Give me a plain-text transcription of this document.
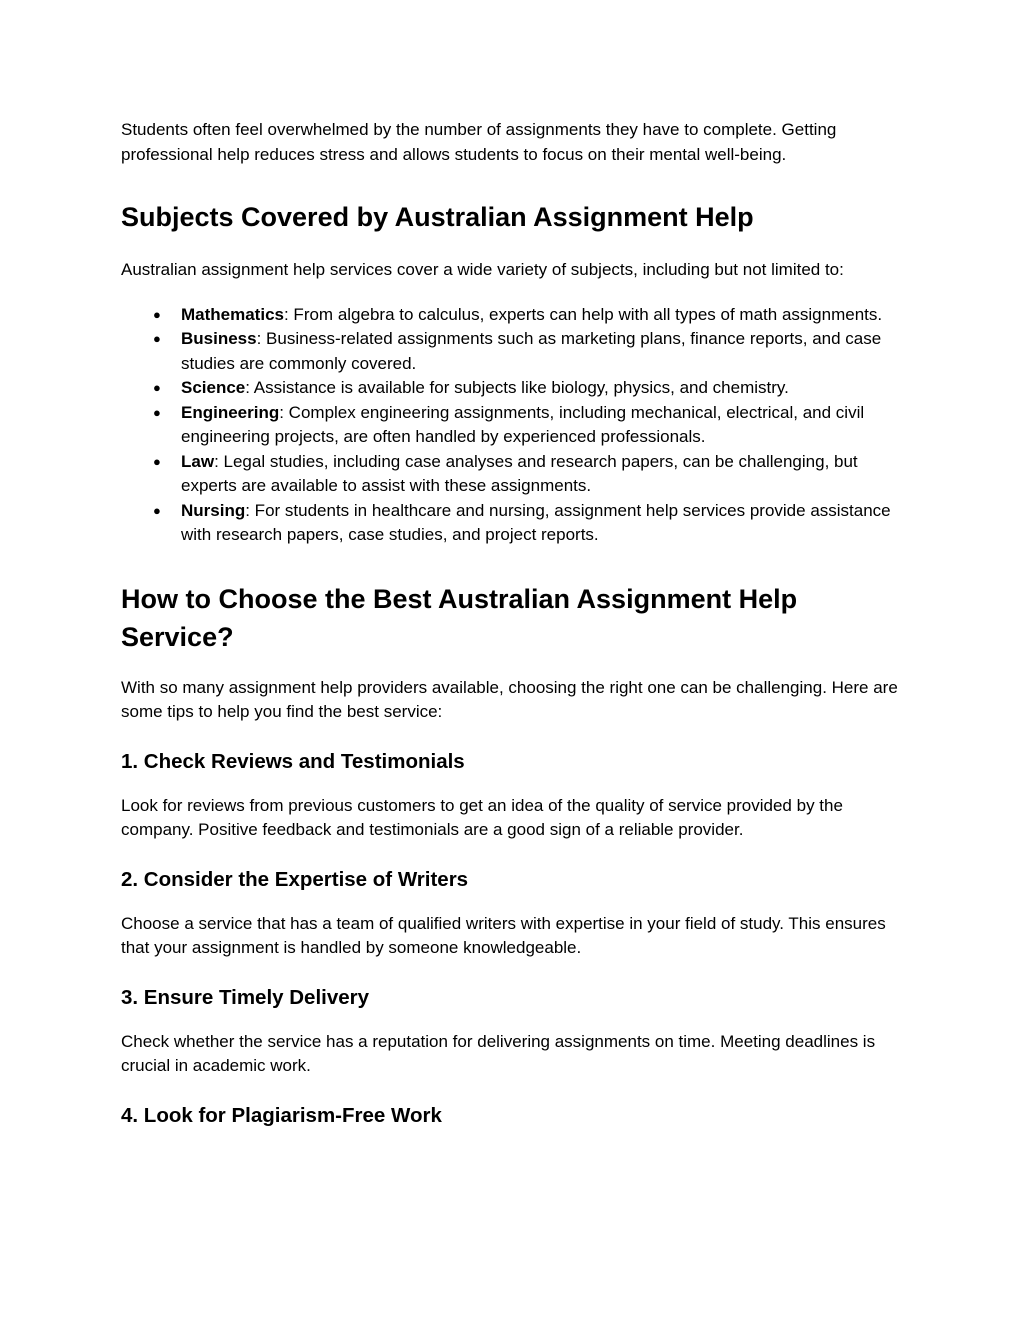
Students often feel overwhelmed by the number of assignments they have to complete. Getting professional help reduces stress and allows students to focus on their mental well-being.

Subjects Covered by Australian Assignment Help

Australian assignment help services cover a wide variety of subjects, including but not limited to:

● Mathematics: From algebra to calculus, experts can help with all types of math assignments.
● Business: Business-related assignments such as marketing plans, finance reports, and case studies are commonly covered.
● Science: Assistance is available for subjects like biology, physics, and chemistry.
● Engineering: Complex engineering assignments, including mechanical, electrical, and civil engineering projects, are often handled by experienced professionals.
● Law: Legal studies, including case analyses and research papers, can be challenging, but experts are available to assist with these assignments.
● Nursing: For students in healthcare and nursing, assignment help services provide assistance with research papers, case studies, and project reports.
How to Choose the Best Australian Assignment Help Service?

With so many assignment help providers available, choosing the right one can be challenging. Here are some tips to help you find the best service:

1. Check Reviews and Testimonials

Look for reviews from previous customers to get an idea of the quality of service provided by the company. Positive feedback and testimonials are a good sign of a reliable provider.

2. Consider the Expertise of Writers

Choose a service that has a team of qualified writers with expertise in your field of study. This ensures that your assignment is handled by someone knowledgeable.

3. Ensure Timely Delivery

Check whether the service has a reputation for delivering assignments on time. Meeting deadlines is crucial in academic work.

4. Look for Plagiarism-Free Work
